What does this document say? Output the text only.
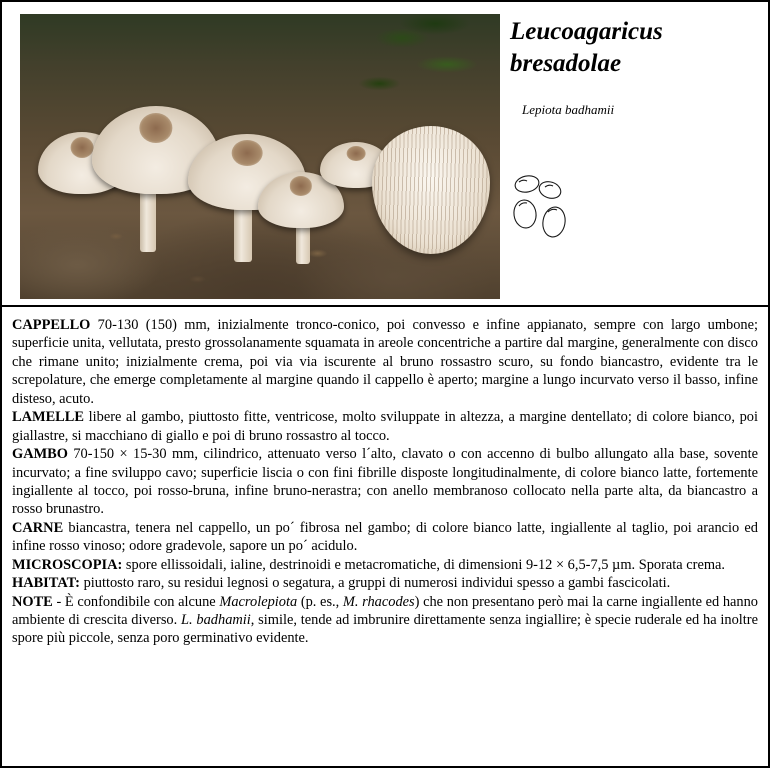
Leucoagaricus
bresadolae
Lepiota badhamii

CAPPELLO 70-130 (150) mm, inizialmente tronco-conico, poi convesso e infine appianato, sempre con largo umbone; superficie unita, vellutata, presto grossolanamente squamata in areole concentriche a partire dal margine, generalmente con disco che rimane unito; inizialmente crema, poi via via iscurente al bruno rossastro scuro, su fondo biancastro, evidente tra le screpolature, che emerge completamente al margine quando il cappello è aperto; margine a lungo incurvato verso il basso, infine disteso, acuto.

LAMELLE libere al gambo, piuttosto fitte, ventricose, molto sviluppate in altezza, a margine dentellato; di colore bianco, poi giallastre, si macchiano di giallo e poi di bruno rossastro al tocco.

GAMBO 70-150 × 15-30 mm, cilindrico, attenuato verso l´alto, clavato o con accenno di bulbo allungato alla base, sovente incurvato; a fine sviluppo cavo; superficie liscia o con fini fibrille disposte longitudinalmente, di colore bianco latte, fortemente ingiallente al tocco, poi rosso-bruna, infine bruno-nerastra; con anello membranoso collocato nella parte alta, da biancastro a rosso brunastro.

CARNE biancastra, tenera nel cappello, un po´ fibrosa nel gambo; di colore bianco latte, ingiallente al taglio, poi arancio ed infine rosso vinoso; odore gradevole, sapore un po´ acidulo.

MICROSCOPIA: spore ellissoidali, ialine, destrinoidi e metacromatiche, di dimensioni 9-12 × 6,5-7,5 µm. Sporata crema.

HABITAT: piuttosto raro, su residui legnosi o segatura, a gruppi di numerosi individui spesso a gambi fascicolati.

NOTE - È confondibile con alcune Macrolepiota (p. es., M. rhacodes) che non presentano però mai la carne ingiallente ed hanno ambiente di crescita diverso. L. badhamii, simile, tende ad imbrunire direttamente senza ingiallire; è specie ruderale ed ha inoltre spore più piccole, senza poro germinativo evidente.
